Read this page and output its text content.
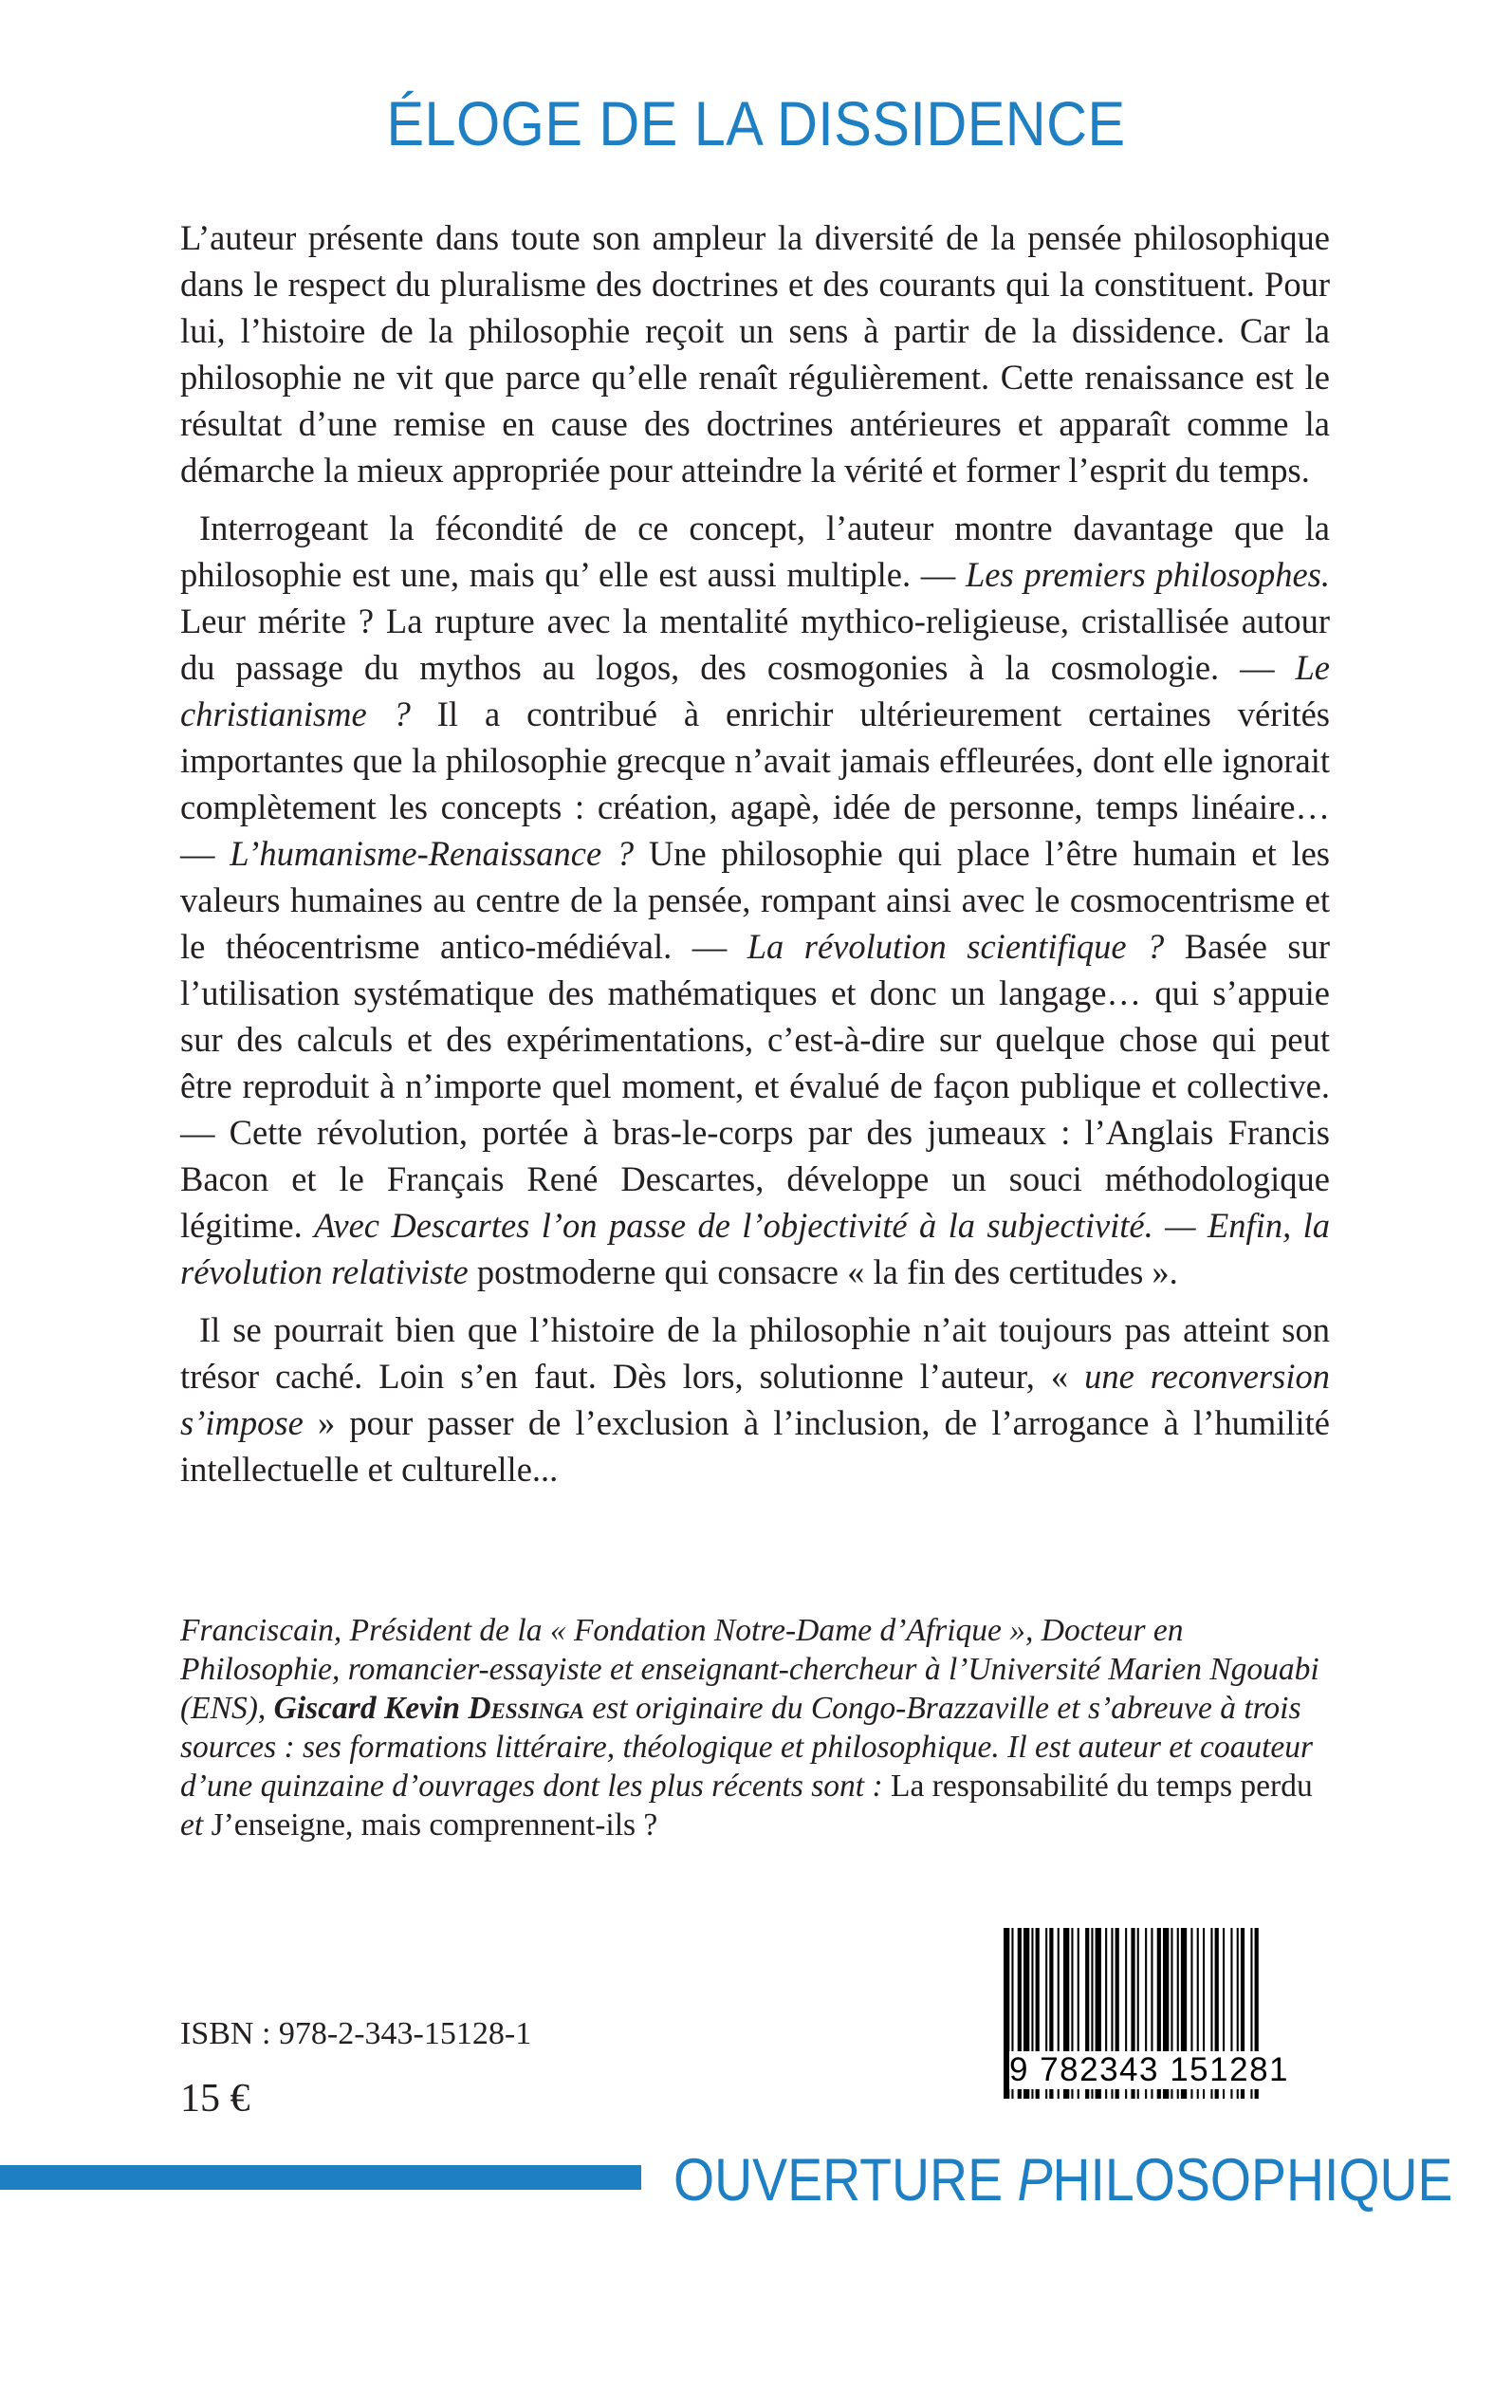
ÉLOGE DE LA DISSIDENCE

L’auteur présente dans toute son ampleur la diversité de la pensée philosophique dans le respect du pluralisme des doctrines et des courants qui la constituent. Pour lui, l’histoire de la philosophie reçoit un sens à partir de la dissidence. Car la philosophie ne vit que parce qu’elle renaît régulièrement. Cette renaissance est le résultat d’une remise en cause des doctrines antérieures et apparaît comme la démarche la mieux appropriée pour atteindre la vérité et former l’esprit du temps.

Interrogeant la fécondité de ce concept, l’auteur montre davantage que la philosophie est une, mais qu’ elle est aussi multiple. — Les premiers philosophes. Leur mérite ? La rupture avec la mentalité mythico-religieuse, cristallisée autour du passage du mythos au logos, des cosmogonies à la cosmologie. — Le christianisme ? Il a contribué à enrichir ultérieurement certaines vérités importantes que la philosophie grecque n’avait jamais effleurées, dont elle ignorait complètement les concepts : création, agapè, idée de personne, temps linéaire… — L’humanisme-Renaissance ? Une philosophie qui place l’être humain et les valeurs humaines au centre de la pensée, rompant ainsi avec le cosmocentrisme et le théocentrisme antico-médiéval. — La révolution scientifique ? Basée sur l’utilisation systématique des mathématiques et donc un langage… qui s’appuie sur des calculs et des expérimentations, c’est-à-dire sur quelque chose qui peut être reproduit à n’importe quel moment, et évalué de façon publique et collective. — Cette révolution, portée à bras-le-corps par des jumeaux : l’Anglais Francis Bacon et le Français René Descartes, développe un souci méthodologique légitime. Avec Descartes l’on passe de l’objectivité à la subjectivité. — Enfin, la révolution relativiste postmoderne qui consacre « la fin des certitudes ».

Il se pourrait bien que l’histoire de la philosophie n’ait toujours pas atteint son trésor caché. Loin s’en faut. Dès lors, solutionne l’auteur, « une reconversion s’impose » pour passer de l’exclusion à l’inclusion, de l’arrogance à l’humilité intellectuelle et culturelle...

Franciscain, Président de la « Fondation Notre-Dame d’Afrique », Docteur en Philosophie, romancier-essayiste et enseignant-chercheur à l’Université Marien Ngouabi (ENS), Giscard Kevin Dessinga est originaire du Congo-Brazzaville et s’abreuve à trois sources : ses formations littéraire, théologique et philosophique. Il est auteur et coauteur d’une quinzaine d’ouvrages dont les plus récents sont : La responsabilité du temps perdu et J’enseigne, mais comprennent-ils ?
9 782343 151281
ISBN : 978-2-343-15128-1
15 €
OUVERTURE PHILOSOPHIQUE
